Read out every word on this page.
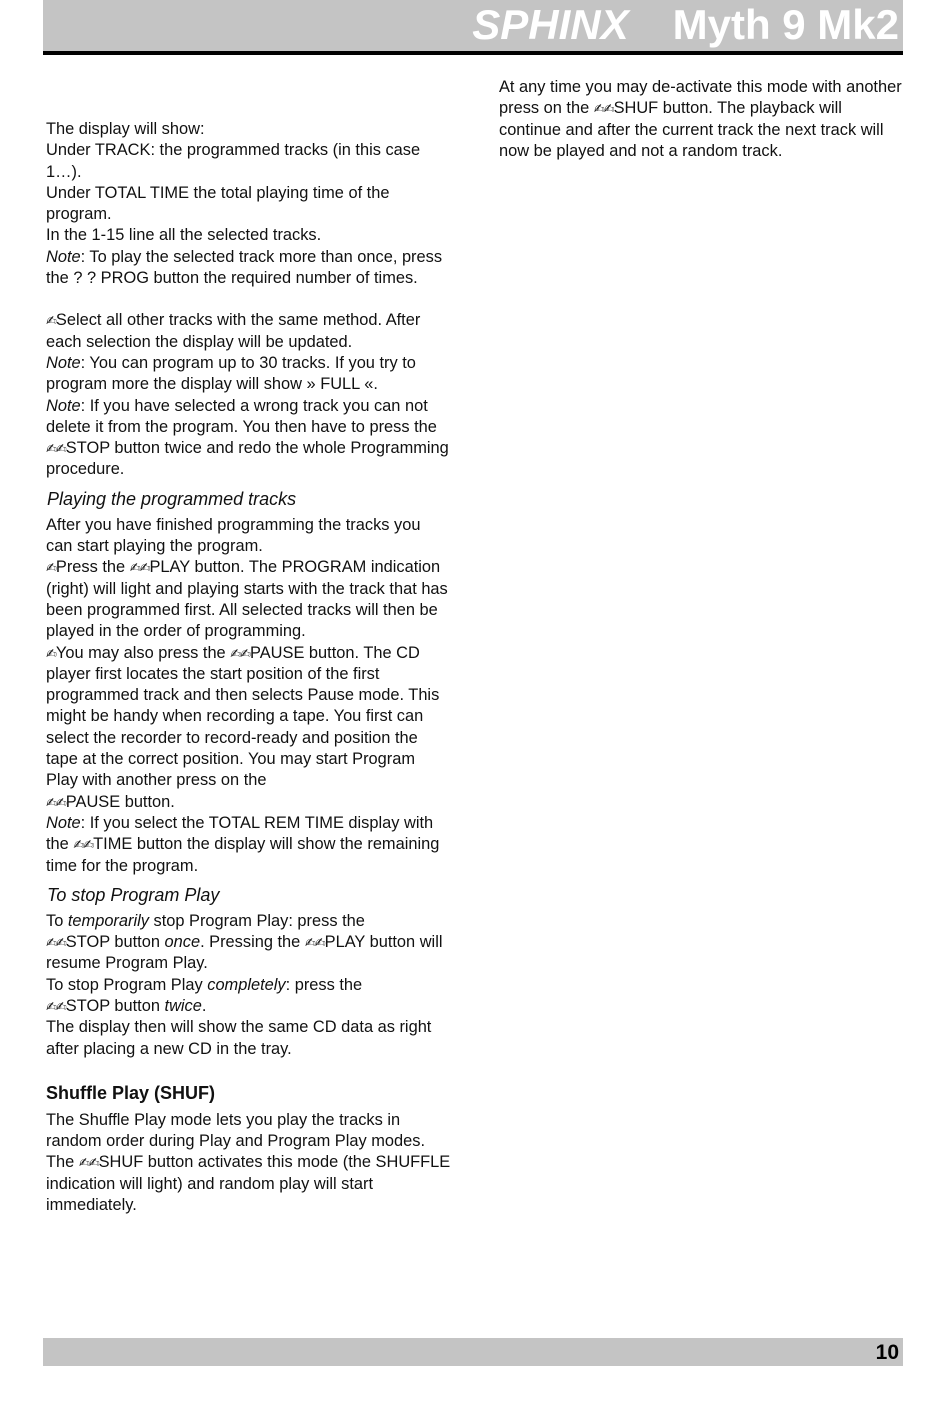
SPHINX Myth 9 Mk2

The display will show:

Under TRACK: the programmed tracks (in this case 1…).

Under TOTAL TIME the total playing time of the program.

In the 1-15 line all the selected tracks.

Note: To play the selected track more than once, press the ? ? PROG button the required number of times.

✍Select all other tracks with the same method. After each selection the display will be updated.

Note: You can program up to 30 tracks. If you try to program more the display will show » FULL «.

Note: If you have selected a wrong track you can not delete it from the program. You then have to press the ✍✍STOP button twice and redo the whole Programming procedure.

Playing the programmed tracks

After you have finished programming the tracks you can start playing the program.

✍Press the ✍✍PLAY button. The PROGRAM indication (right) will light and playing starts with the track that has been programmed first. All selected tracks will then be played in the order of programming.

✍You may also press the ✍✍PAUSE button. The CD player first locates the start position of the first programmed track and then selects Pause mode. This might be handy when recording a tape. You first can select the recorder to record-ready and position the tape at the correct position. You may start Program Play with another press on the

✍✍PAUSE button.

Note: If you select the TOTAL REM TIME display with the ✍✍TIME button the display will show the remaining time for the program.

To stop Program Play

To temporarily stop Program Play: press the

✍✍STOP button once. Pressing the ✍✍PLAY button will resume Program Play.

To stop Program Play completely: press the

✍✍STOP button twice.

The display then will show the same CD data as right after placing a new CD in the tray.

Shuffle Play (SHUF)

The Shuffle Play mode lets you play the tracks in random order during Play and Program Play modes.

The ✍✍SHUF button activates this mode (the SHUFFLE indication will light) and random play will start immediately.

At any time you may de-activate this mode with another press on the ✍✍SHUF button. The playback will continue and after the current track the next track will now be played and not a random track.

10
